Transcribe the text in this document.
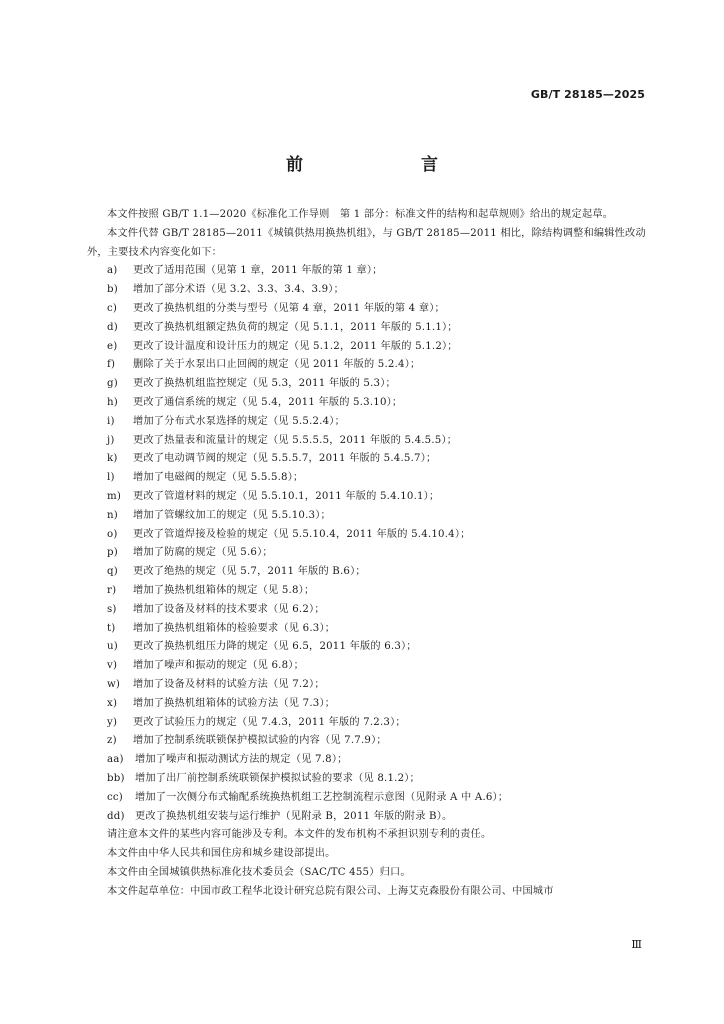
GB/T 28185—2025
前　　言

本文件按照 GB/T 1.1—2020《标准化工作导则　第 1 部分：标准文件的结构和起草规则》给出的规定起草。

本文件代替 GB/T 28185—2011《城镇供热用换热机组》，与 GB/T 28185—2011 相比，除结构调整和编辑性改动外，主要技术内容变化如下：

a)	更改了适用范围（见第 1 章，2011 年版的第 1 章）；
b)	增加了部分术语（见 3.2、3.3、3.4、3.9）；
c)	更改了换热机组的分类与型号（见第 4 章，2011 年版的第 4 章）；
d)	更改了换热机组额定热负荷的规定（见 5.1.1，2011 年版的 5.1.1）；
e)	更改了设计温度和设计压力的规定（见 5.1.2，2011 年版的 5.1.2）；
f)	删除了关于水泵出口止回阀的规定（见 2011 年版的 5.2.4）；
g)	更改了换热机组监控规定（见 5.3，2011 年版的 5.3）；
h)	更改了通信系统的规定（见 5.4，2011 年版的 5.3.10）；
i)	增加了分布式水泵选择的规定（见 5.5.2.4）；
j)	更改了热量表和流量计的规定（见 5.5.5.5，2011 年版的 5.4.5.5）；
k)	更改了电动调节阀的规定（见 5.5.5.7，2011 年版的 5.4.5.7）；
l)	增加了电磁阀的规定（见 5.5.5.8）；
m)	更改了管道材料的规定（见 5.5.10.1，2011 年版的 5.4.10.1）；
n)	增加了管螺纹加工的规定（见 5.5.10.3）；
o)	更改了管道焊接及检验的规定（见 5.5.10.4，2011 年版的 5.4.10.4）；
p)	增加了防腐的规定（见 5.6）；
q)	更改了绝热的规定（见 5.7，2011 年版的 B.6）；
r)	增加了换热机组箱体的规定（见 5.8）；
s)	增加了设备及材料的技术要求（见 6.2）；
t)	增加了换热机组箱体的检验要求（见 6.3）；
u)	更改了换热机组压力降的规定（见 6.5，2011 年版的 6.3）；
v)	增加了噪声和振动的规定（见 6.8）；
w)	增加了设备及材料的试验方法（见 7.2）；
x)	增加了换热机组箱体的试验方法（见 7.3）；
y)	更改了试验压力的规定（见 7.4.3，2011 年版的 7.2.3）；
z)	增加了控制系统联锁保护模拟试验的内容（见 7.7.9）；
aa)	增加了噪声和振动测试方法的规定（见 7.8）；
bb)	增加了出厂前控制系统联锁保护模拟试验的要求（见 8.1.2）；
cc)	增加了一次侧分布式输配系统换热机组工艺控制流程示意图（见附录 A 中 A.6）；
dd)	更改了换热机组安装与运行维护（见附录 B，2011 年版的附录 B）。

请注意本文件的某些内容可能涉及专利。本文件的发布机构不承担识别专利的责任。

本文件由中华人民共和国住房和城乡建设部提出。

本文件由全国城镇供热标准化技术委员会（SAC/TC 455）归口。

本文件起草单位：中国市政工程华北设计研究总院有限公司、上海艾克森股份有限公司、中国城市

Ⅲ
